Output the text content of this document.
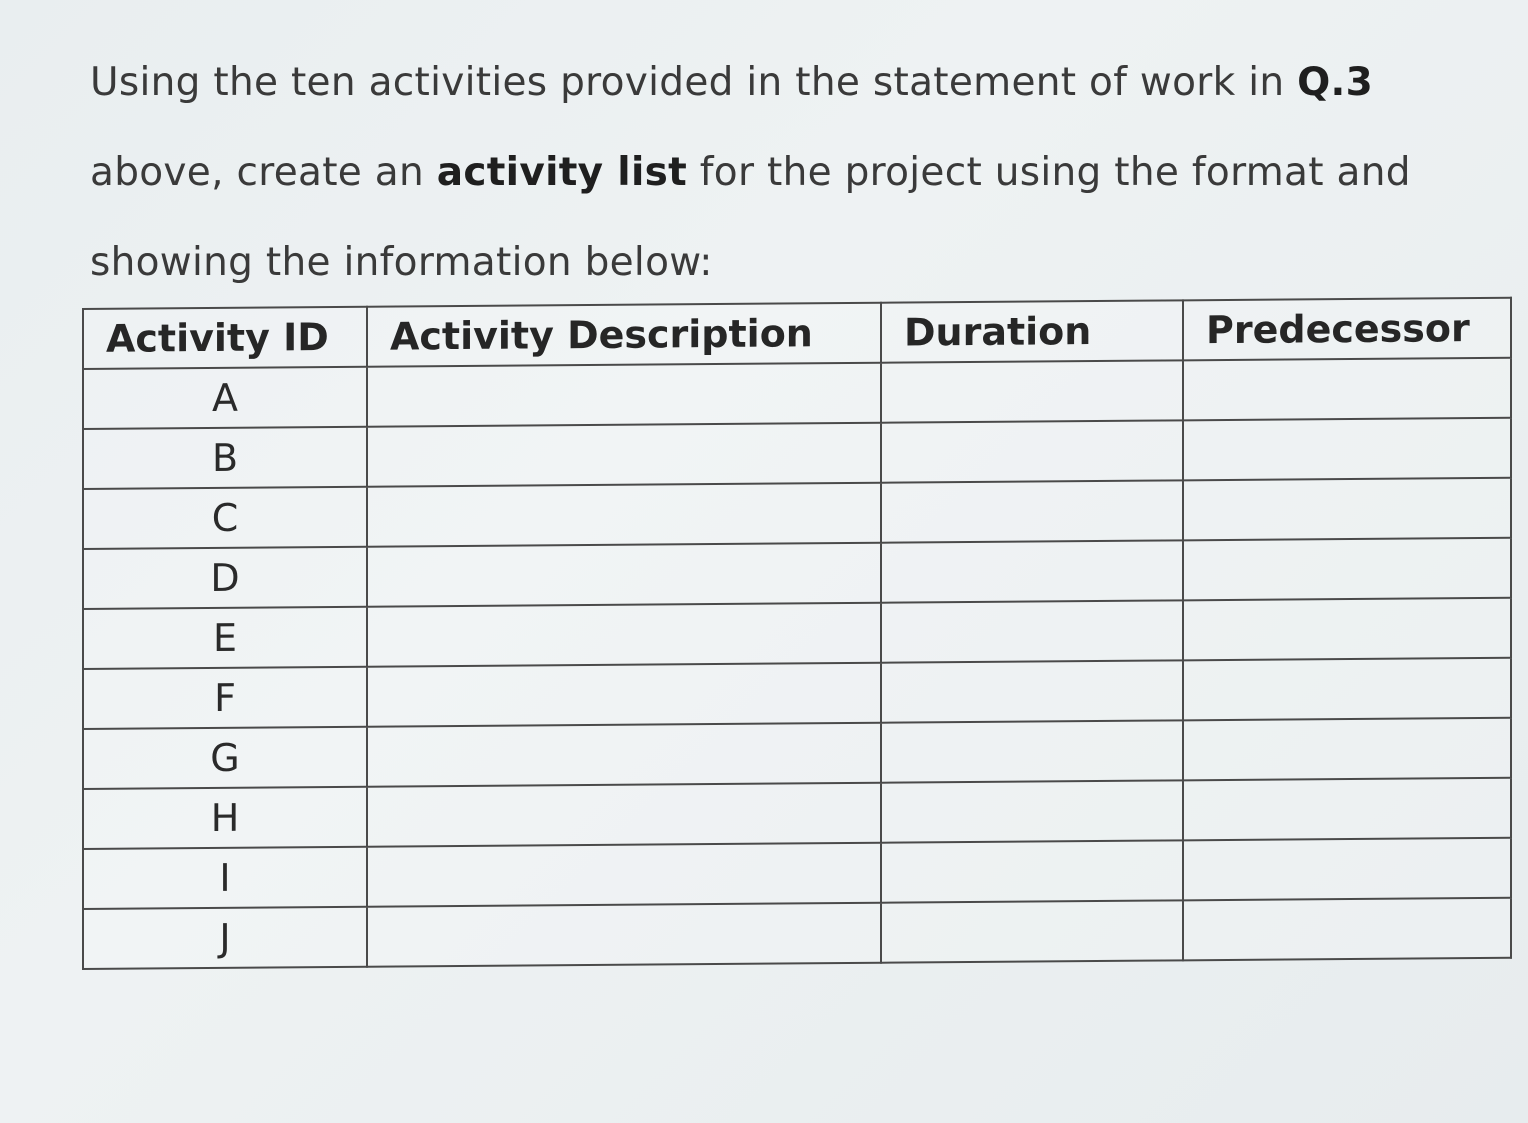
Using the ten activities provided in the statement of work in Q.3
above, create an activity list for the project using the format and
showing the information below:
Activity ID	Activity Description	Duration	Predecessor
A			
B			
C			
D			
E			
F			
G			
H			
I			
J			
